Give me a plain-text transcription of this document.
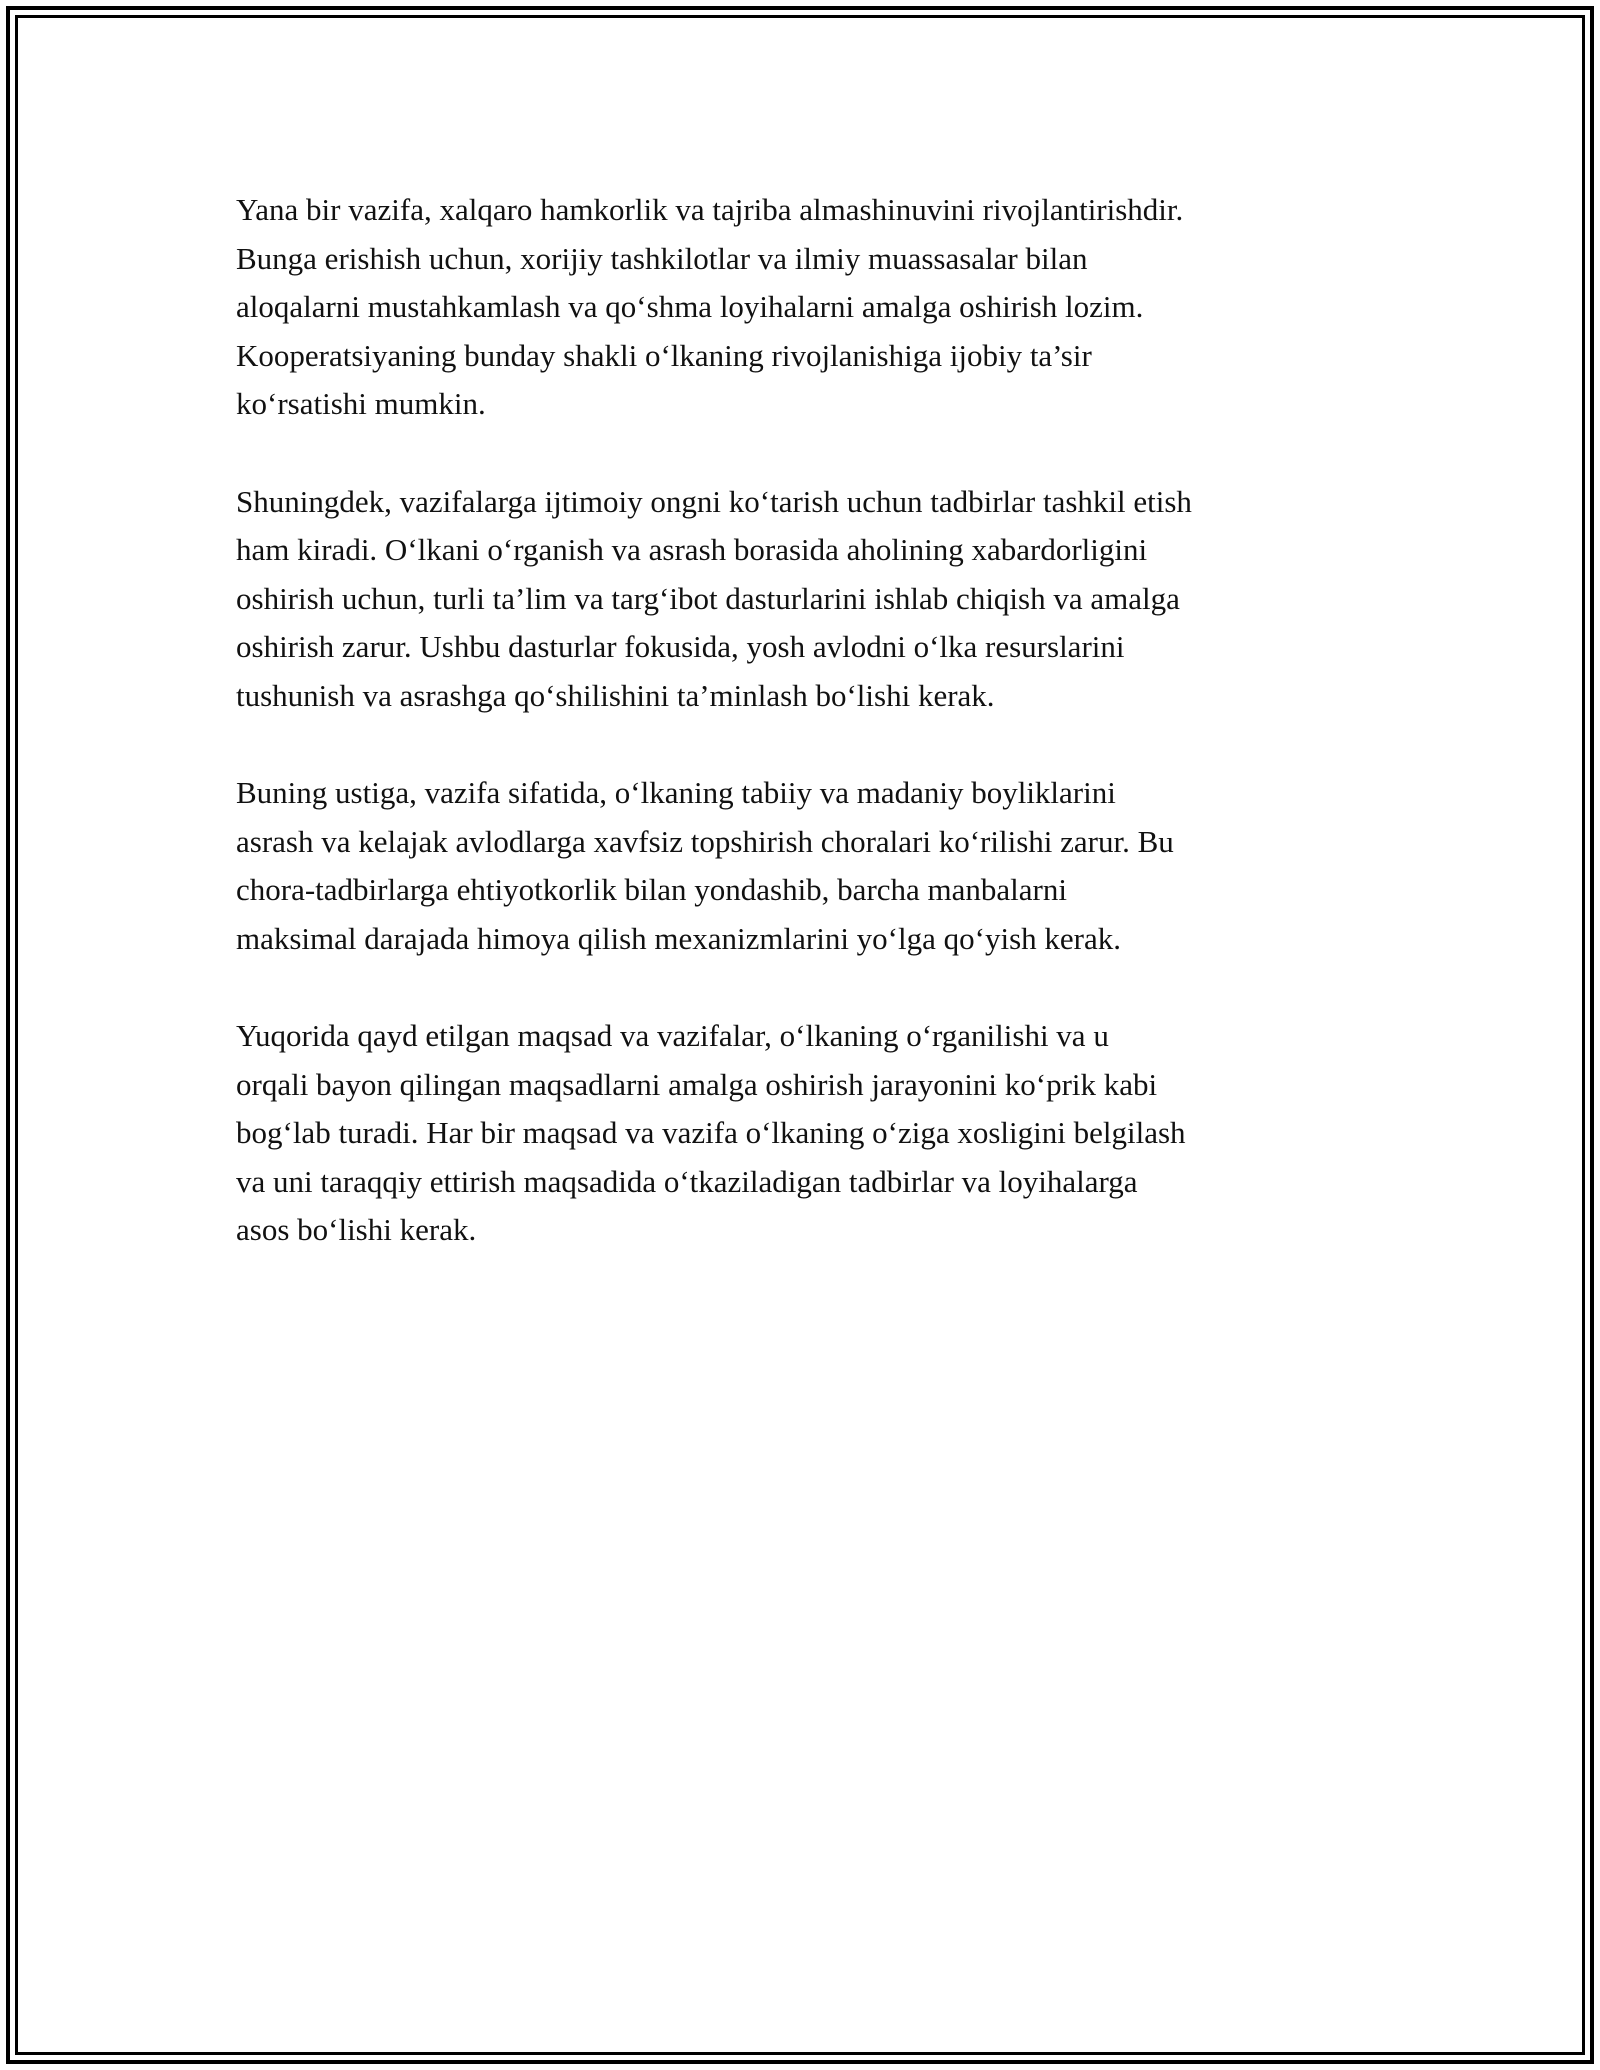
Yana bir vazifa, xalqaro hamkorlik va tajriba almashinuvini rivojlantirishdir.
Bunga erishish uchun, xorijiy tashkilotlar va ilmiy muassasalar bilan
aloqalarni mustahkamlash va qo‘shma loyihalarni amalga oshirish lozim.
Kooperatsiyaning bunday shakli o‘lkaning rivojlanishiga ijobiy ta’sir
ko‘rsatishi mumkin.

Shuningdek, vazifalarga ijtimoiy ongni ko‘tarish uchun tadbirlar tashkil etish
ham kiradi. O‘lkani o‘rganish va asrash borasida aholining xabardorligini
oshirish uchun, turli ta’lim va targ‘ibot dasturlarini ishlab chiqish va amalga
oshirish zarur. Ushbu dasturlar fokusida, yosh avlodni o‘lka resurslarini
tushunish va asrashga qo‘shilishini ta’minlash bo‘lishi kerak.

Buning ustiga, vazifa sifatida, o‘lkaning tabiiy va madaniy boyliklarini
asrash va kelajak avlodlarga xavfsiz topshirish choralari ko‘rilishi zarur. Bu
chora-tadbirlarga ehtiyotkorlik bilan yondashib, barcha manbalarni
maksimal darajada himoya qilish mexanizmlarini yo‘lga qo‘yish kerak.

Yuqorida qayd etilgan maqsad va vazifalar, o‘lkaning o‘rganilishi va u
orqali bayon qilingan maqsadlarni amalga oshirish jarayonini ko‘prik kabi
bog‘lab turadi. Har bir maqsad va vazifa o‘lkaning o‘ziga xosligini belgilash
va uni taraqqiy ettirish maqsadida o‘tkaziladigan tadbirlar va loyihalarga
asos bo‘lishi kerak.
